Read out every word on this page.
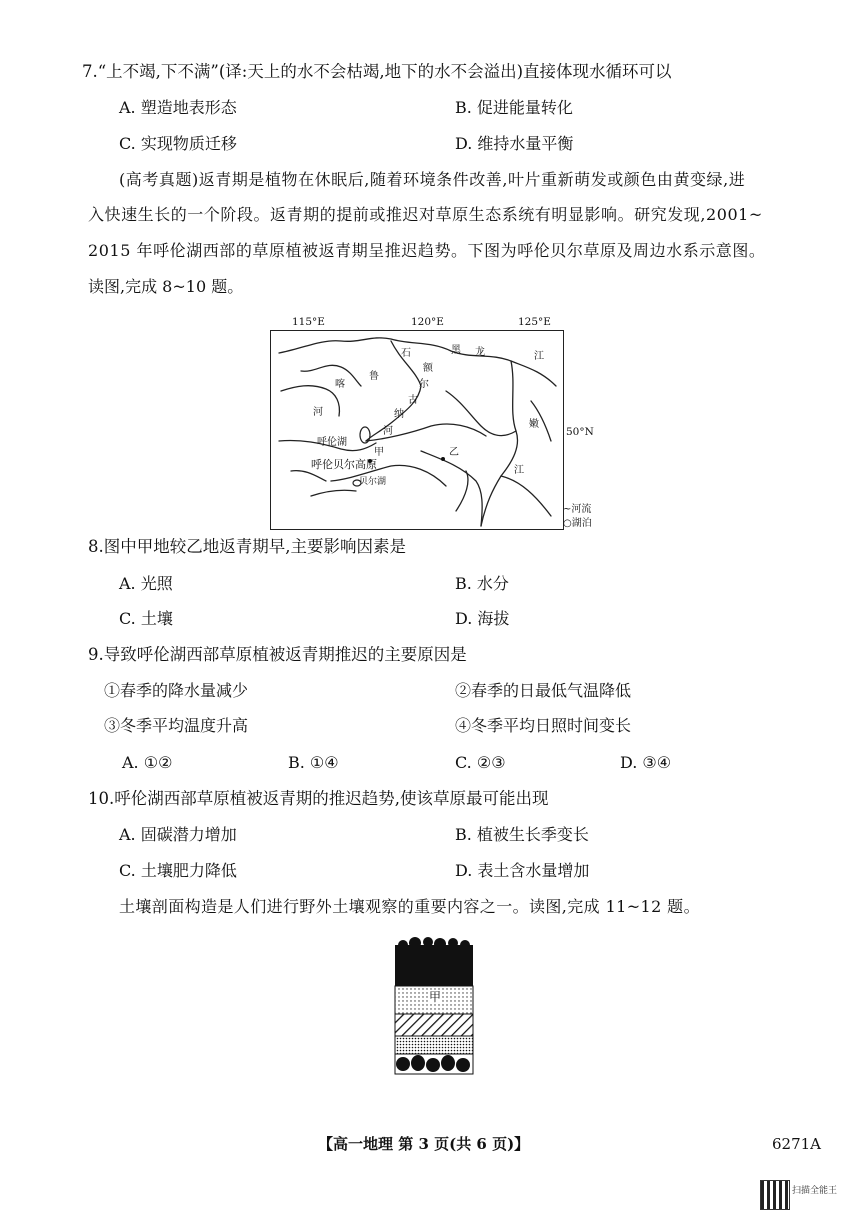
7.“上不竭,下不满”(译:天上的水不会枯竭,地下的水不会溢出)直接体现水循环可以
A. 塑造地表形态	B. 促进能量转化
C. 实现物质迁移	D. 维持水量平衡
(高考真题)返青期是植物在休眠后,随着环境条件改善,叶片重新萌发或颜色由黄变绿,进
入快速生长的一个阶段。返青期的提前或推迟对草原生态系统有明显影响。研究发现,2001~
2015 年呼伦湖西部的草原植被返青期呈推迟趋势。下图为呼伦贝尔草原及周边水系示意图。
读图,完成 8~10 题。
115°E	120°E	125°E
50°N
石	黑 龙	江
额
尔
古
纳
河
喀
鲁
河
呼伦湖
甲
呼伦贝尔高原
贝尔湖
乙
嫩
江
~河流
○湖泊
8.图中甲地较乙地返青期早,主要影响因素是
A. 光照	B. 水分
C. 土壤	D. 海拔
9.导致呼伦湖西部草原植被返青期推迟的主要原因是
①春季的降水量减少	②春季的日最低气温降低
③冬季平均温度升高	④冬季平均日照时间变长
A. ①②	B. ①④	C. ②③	D. ③④
10.呼伦湖西部草原植被返青期的推迟趋势,使该草原最可能出现
A. 固碳潜力增加	B. 植被生长季变长
C. 土壤肥力降低	D. 表土含水量增加
土壤剖面构造是人们进行野外土壤观察的重要内容之一。读图,完成 11~12 题。
甲
【高一地理 第 3 页(共 6 页)】	6271A
扫描全能王
